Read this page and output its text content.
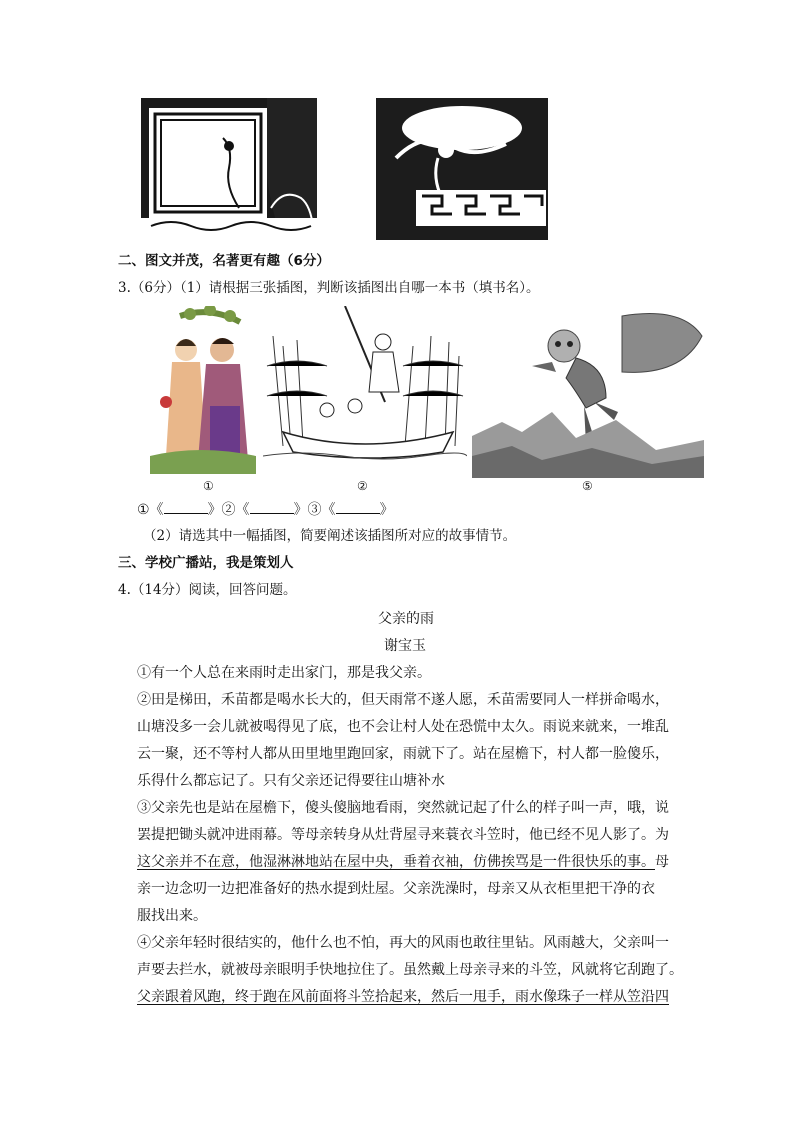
二、图文并茂，名著更有趣（6分）
3.（6分）（1）请根据三张插图，判断该插图出自哪一本书（填书名）。
①	②	⑤
①《	》②《	》③《	》
（2）请选其中一幅插图，简要阐述该插图所对应的故事情节。
三、学校广播站，我是策划人
4.（14分）阅读，回答问题。
父亲的雨
谢宝玉
①有一个人总在来雨时走出家门，那是我父亲。
②田是梯田，禾苗都是喝水长大的，但天雨常不遂人愿，禾苗需要同人一样拼命喝水，
山塘没多一会儿就被喝得见了底，也不会让村人处在恐慌中太久。雨说来就来，一堆乱
云一聚，还不等村人都从田里地里跑回家，雨就下了。站在屋檐下，村人都一脸傻乐，
乐得什么都忘记了。只有父亲还记得要往山塘补水
③父亲先也是站在屋檐下，傻头傻脑地看雨，突然就记起了什么的样子叫一声，哦，说
罢提把锄头就冲进雨幕。等母亲转身从灶背屋寻来蓑衣斗笠时，他已经不见人影了。为
这父亲并不在意，他湿淋淋地站在屋中央，垂着衣袖，仿佛挨骂是一件很快乐的事。母
亲一边念叨一边把准备好的热水提到灶屋。父亲洗澡时，母亲又从衣柜里把干净的衣
服找出来。
④父亲年轻时很结实的，他什么也不怕，再大的风雨也敢往里钻。风雨越大，父亲叫一
声要去拦水，就被母亲眼明手快地拉住了。虽然戴上母亲寻来的斗笠，风就将它刮跑了。
父亲跟着风跑，终于跑在风前面将斗笠拾起来，然后一甩手，雨水像珠子一样从笠沿四
